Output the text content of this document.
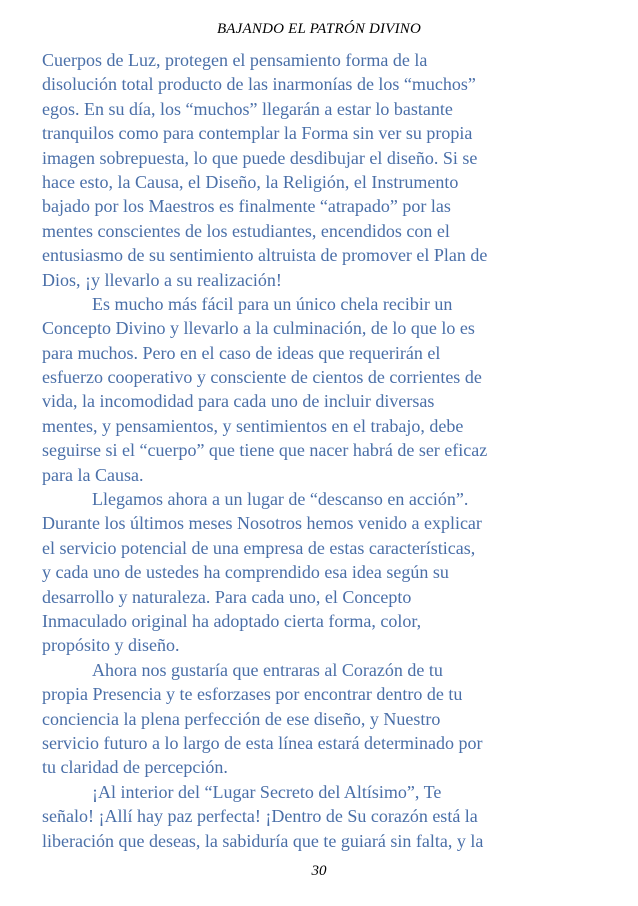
BAJANDO EL PATRÓN DIVINO
Cuerpos de Luz, protegen el pensamiento forma de la
disolución total producto de las inarmonías de los “muchos”
egos. En su día, los “muchos” llegarán a estar lo bastante
tranquilos como para contemplar la Forma sin ver su propia
imagen sobrepuesta, lo que puede desdibujar el diseño. Si se
hace esto, la Causa, el Diseño, la Religión, el Instrumento
bajado por los Maestros es finalmente “atrapado” por las
mentes conscientes de los estudiantes, encendidos con el
entusiasmo de su sentimiento altruista de promover el Plan de
Dios, ¡y llevarlo a su realización!
Es mucho más fácil para un único chela recibir un
Concepto Divino y llevarlo a la culminación, de lo que lo es
para muchos. Pero en el caso de ideas que requerirán el
esfuerzo cooperativo y consciente de cientos de corrientes de
vida, la incomodidad para cada uno de incluir diversas
mentes, y pensamientos, y sentimientos en el trabajo, debe
seguirse si el “cuerpo” que tiene que nacer habrá de ser eficaz
para la Causa.
Llegamos ahora a un lugar de “descanso en acción”.
Durante los últimos meses Nosotros hemos venido a explicar
el servicio potencial de una empresa de estas características,
y cada uno de ustedes ha comprendido esa idea según su
desarrollo y naturaleza. Para cada uno, el Concepto
Inmaculado original ha adoptado cierta forma, color,
propósito y diseño.
Ahora nos gustaría que entraras al Corazón de tu
propia Presencia y te esforzases por encontrar dentro de tu
conciencia la plena perfección de ese diseño, y Nuestro
servicio futuro a lo largo de esta línea estará determinado por
tu claridad de percepción.
¡Al interior del “Lugar Secreto del Altísimo”, Te
señalo! ¡Allí hay paz perfecta! ¡Dentro de Su corazón está la
liberación que deseas, la sabiduría que te guiará sin falta, y la
30
